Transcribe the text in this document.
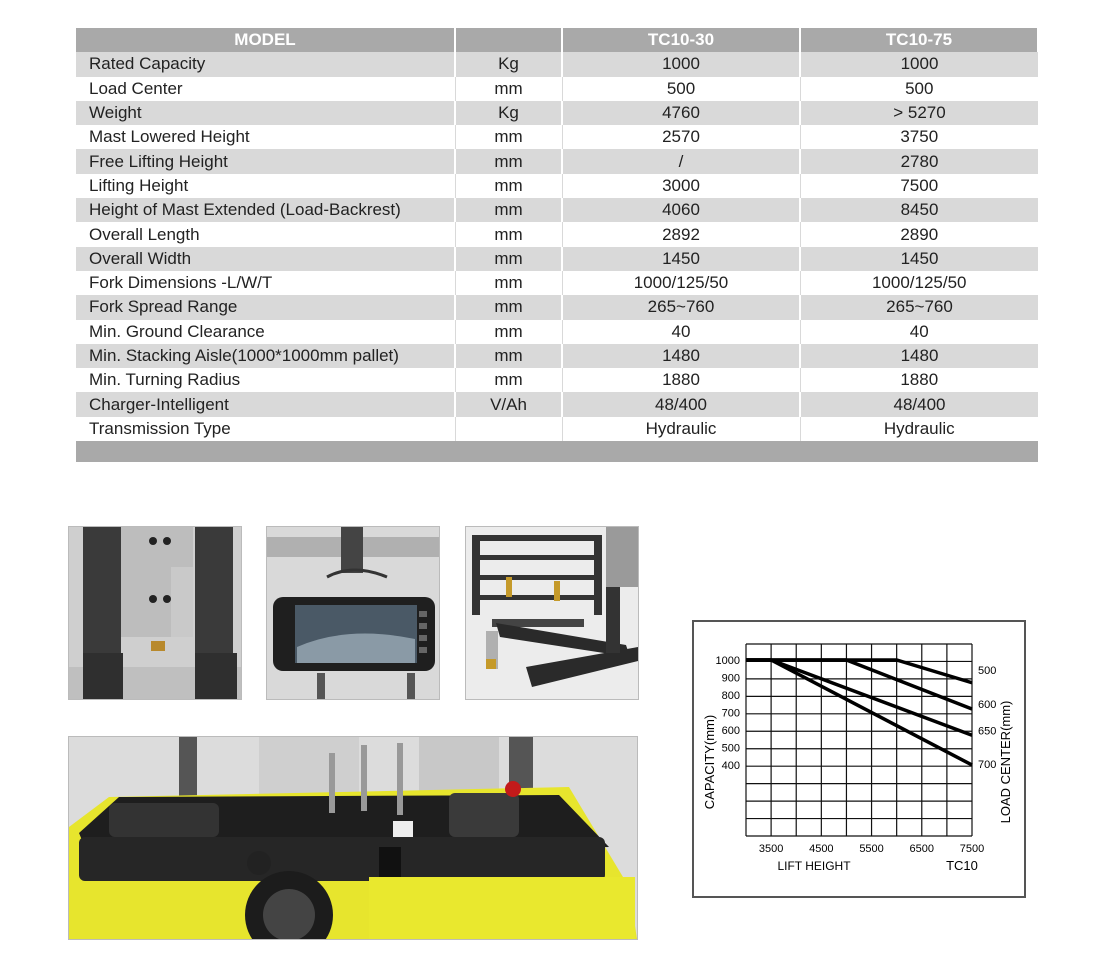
MODEL		TC10-30	TC10-75
Rated Capacity	Kg	1000	1000
Load Center	mm	500	500
Weight	Kg	4760	> 5270
Mast Lowered Height	mm	2570	3750
Free Lifting Height	mm	/	2780
Lifting Height	mm	3000	7500
Height of Mast Extended (Load-Backrest)	mm	4060	8450
Overall Length	mm	2892	2890
Overall Width	mm	1450	1450
Fork Dimensions -L/W/T	mm	1000/125/50	1000/125/50
Fork Spread Range	mm	265~760	265~760
Min. Ground Clearance	mm	40	40
Min. Stacking Aisle(1000*1000mm pallet)	mm	1480	1480
Min. Turning Radius	mm	1880	1880
Charger-Intelligent	V/Ah	48/400	48/400
Transmission Type		Hydraulic	Hydraulic
1000
900
800
700
600
500
400
3500 4500 5500 6500 7500
500
600
650
700
LIFT HEIGHT	TC10
CAPACITY(mm)	LOAD CENTER(mm)
